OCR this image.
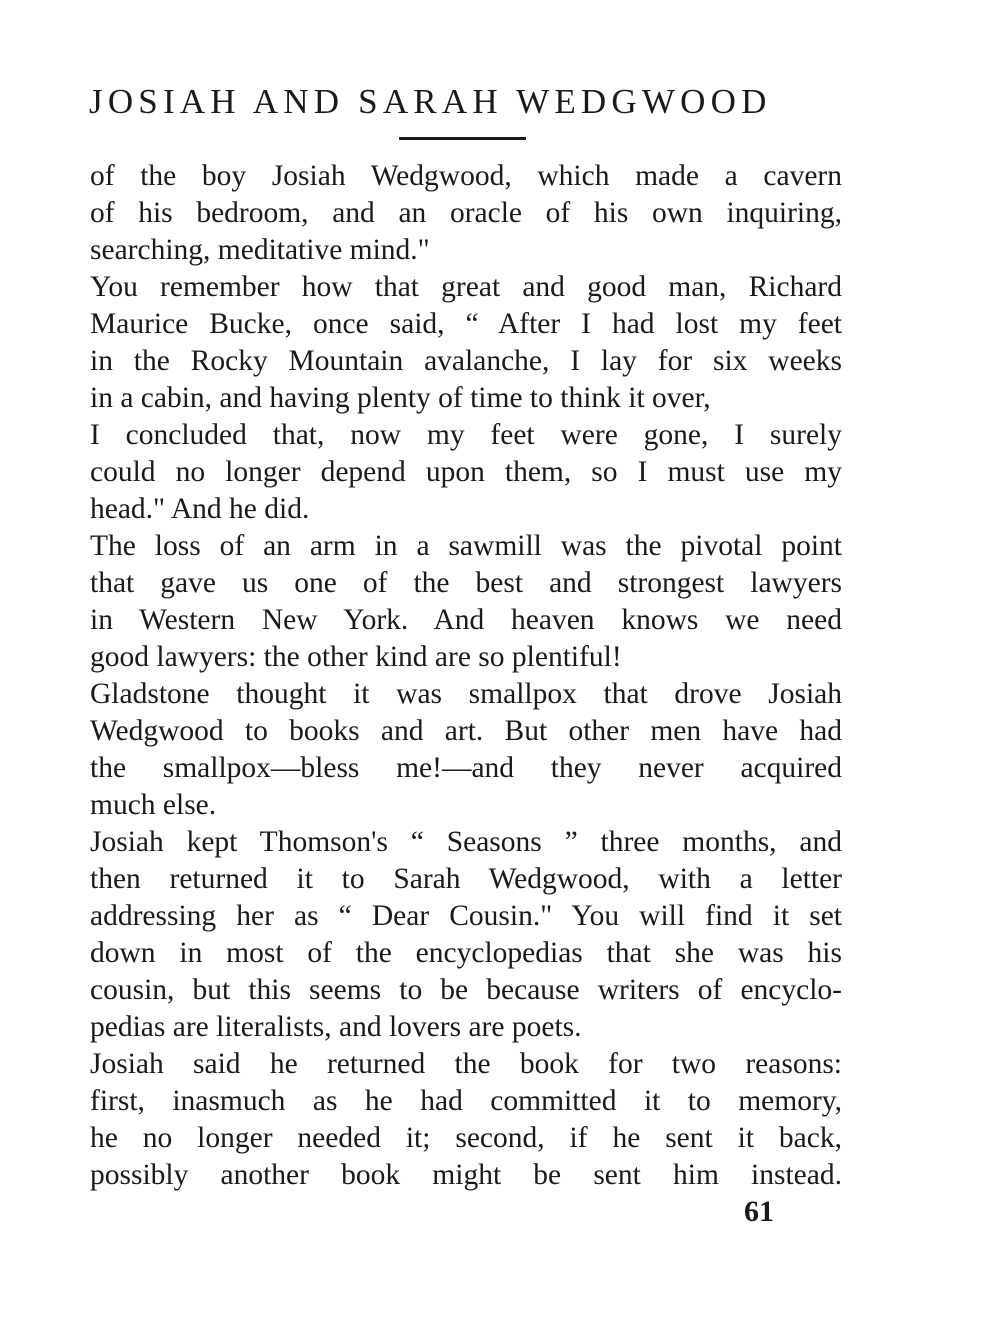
JOSIAH AND SARAH WEDGWOOD
of the boy Josiah Wedgwood, which made a cavern
of his bedroom, and an oracle of his own inquiring,
searching, meditative mind."
You remember how that great and good man, Richard
Maurice Bucke, once said, “ After I had lost my feet
in the Rocky Mountain avalanche, I lay for six weeks
in a cabin, and having plenty of time to think it over,
I concluded that, now my feet were gone, I surely
could no longer depend upon them, so I must use my
head." And he did.
The loss of an arm in a sawmill was the pivotal point
that gave us one of the best and strongest lawyers
in Western New York. And heaven knows we need
good lawyers: the other kind are so plentiful!
Gladstone thought it was smallpox that drove Josiah
Wedgwood to books and art. But other men have had
the smallpox—bless me!—and they never acquired
much else.
Josiah kept Thomson's “ Seasons ” three months, and
then returned it to Sarah Wedgwood, with a letter
addressing her as “ Dear Cousin." You will find it set
down in most of the encyclopedias that she was his
cousin, but this seems to be because writers of encyclo-
pedias are literalists, and lovers are poets.
Josiah said he returned the book for two reasons:
first, inasmuch as he had committed it to memory,
he no longer needed it; second, if he sent it back,
possibly another book might be sent him instead.
61
